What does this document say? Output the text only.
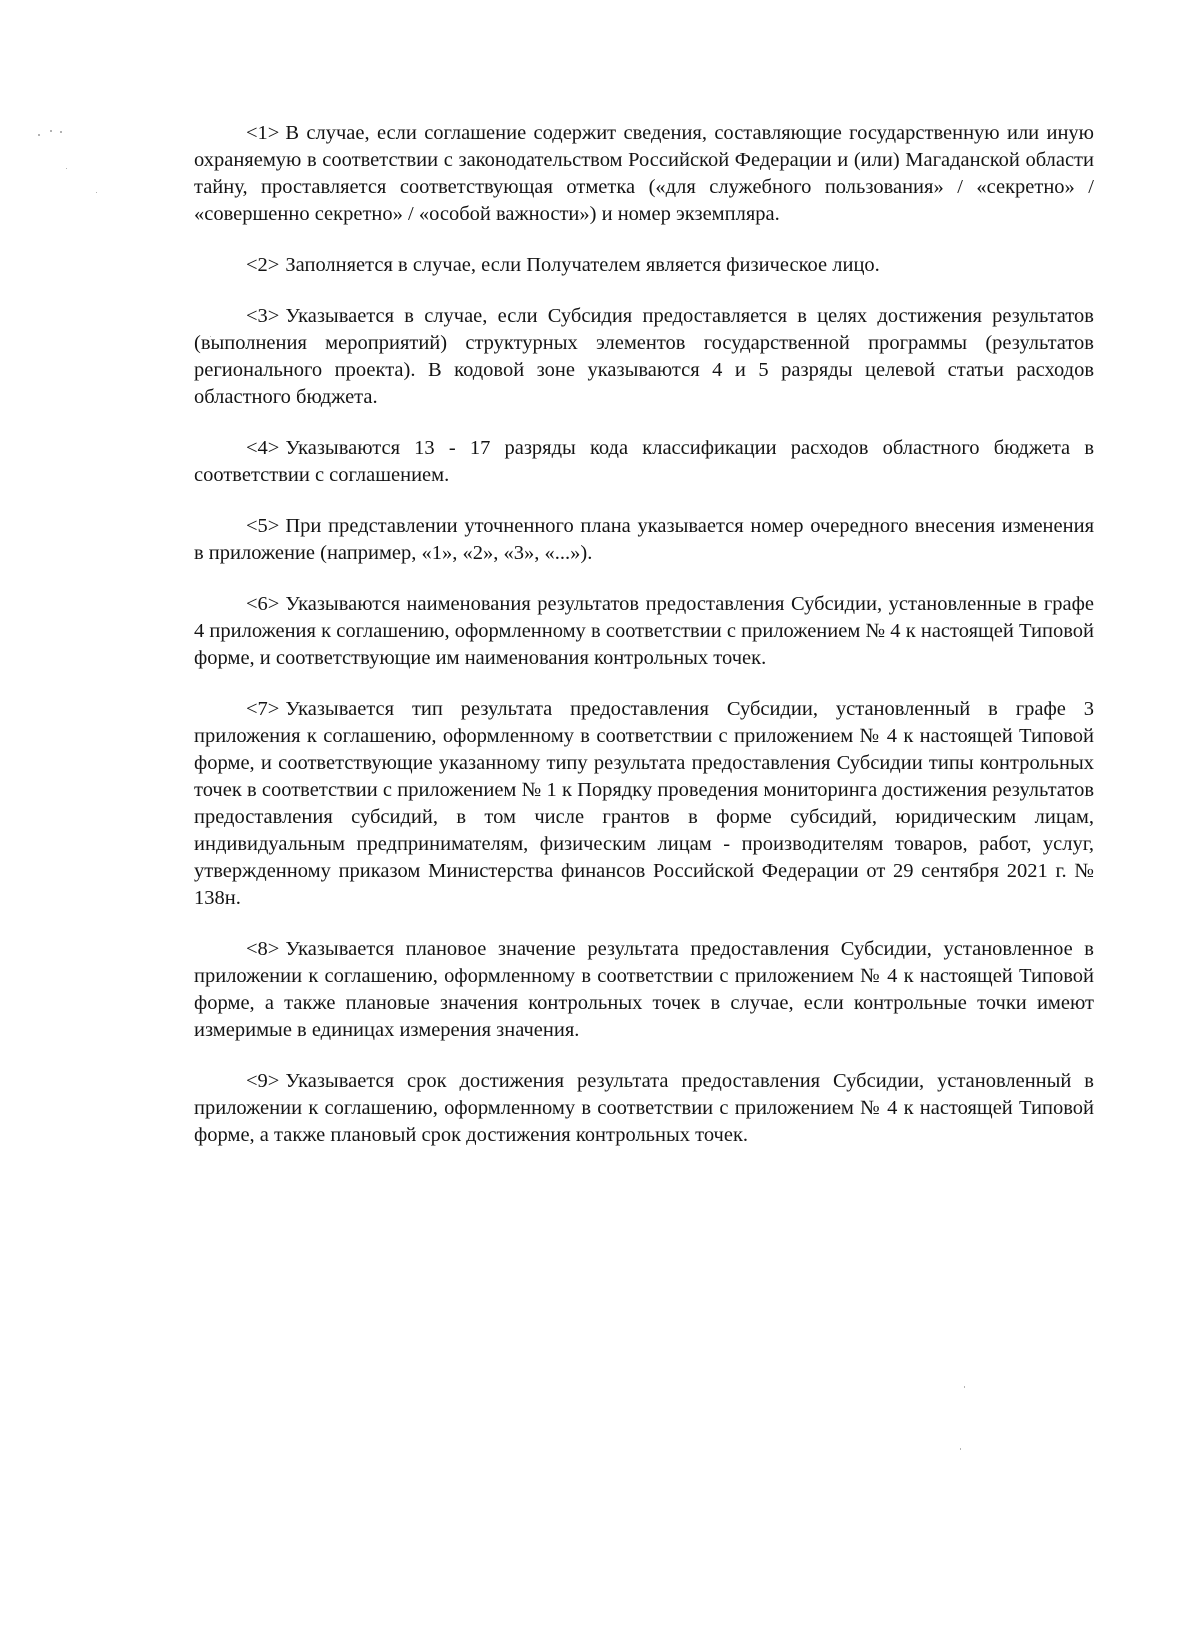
<1> В случае, если соглашение содержит сведения, составляющие государственную или иную охраняемую в соответствии с законодательством Российской Федерации и (или) Магаданской области тайну, проставляется соответствующая отметка («для служебного пользования» / «секретно» / «совершенно секретно» / «особой важности») и номер экземпляра.

<2> Заполняется в случае, если Получателем является физическое лицо.

<3> Указывается в случае, если Субсидия предоставляется в целях достижения результатов (выполнения мероприятий) структурных элементов государственной программы (результатов регионального проекта). В кодовой зоне указываются 4 и 5 разряды целевой статьи расходов областного бюджета.

<4> Указываются 13 - 17 разряды кода классификации расходов областного бюджета в соответствии с соглашением.

<5> При представлении уточненного плана указывается номер очередного внесения изменения в приложение (например, «1», «2», «3», «...»).

<6> Указываются наименования результатов предоставления Субсидии, установленные в графе 4 приложения к соглашению, оформленному в соответствии с приложением № 4 к настоящей Типовой форме, и соответствующие им наименования контрольных точек.

<7> Указывается тип результата предоставления Субсидии, установленный в графе 3 приложения к соглашению, оформленному в соответствии с приложением № 4 к настоящей Типовой форме, и соответствующие указанному типу результата предоставления Субсидии типы контрольных точек в соответствии с приложением № 1 к Порядку проведения мониторинга достижения результатов предоставления субсидий, в том числе грантов в форме субсидий, юридическим лицам, индивидуальным предпринимателям, физическим лицам - производителям товаров, работ, услуг, утвержденному приказом Министерства финансов Российской Федерации от 29 сентября 2021 г. № 138н.

<8> Указывается плановое значение результата предоставления Субсидии, установленное в приложении к соглашению, оформленному в соответствии с приложением № 4 к настоящей Типовой форме, а также плановые значения контрольных точек в случае, если контрольные точки имеют измеримые в единицах измерения значения.

<9> Указывается срок достижения результата предоставления Субсидии, установленный в приложении к соглашению, оформленному в соответствии с приложением № 4 к настоящей Типовой форме, а также плановый срок достижения контрольных точек.
